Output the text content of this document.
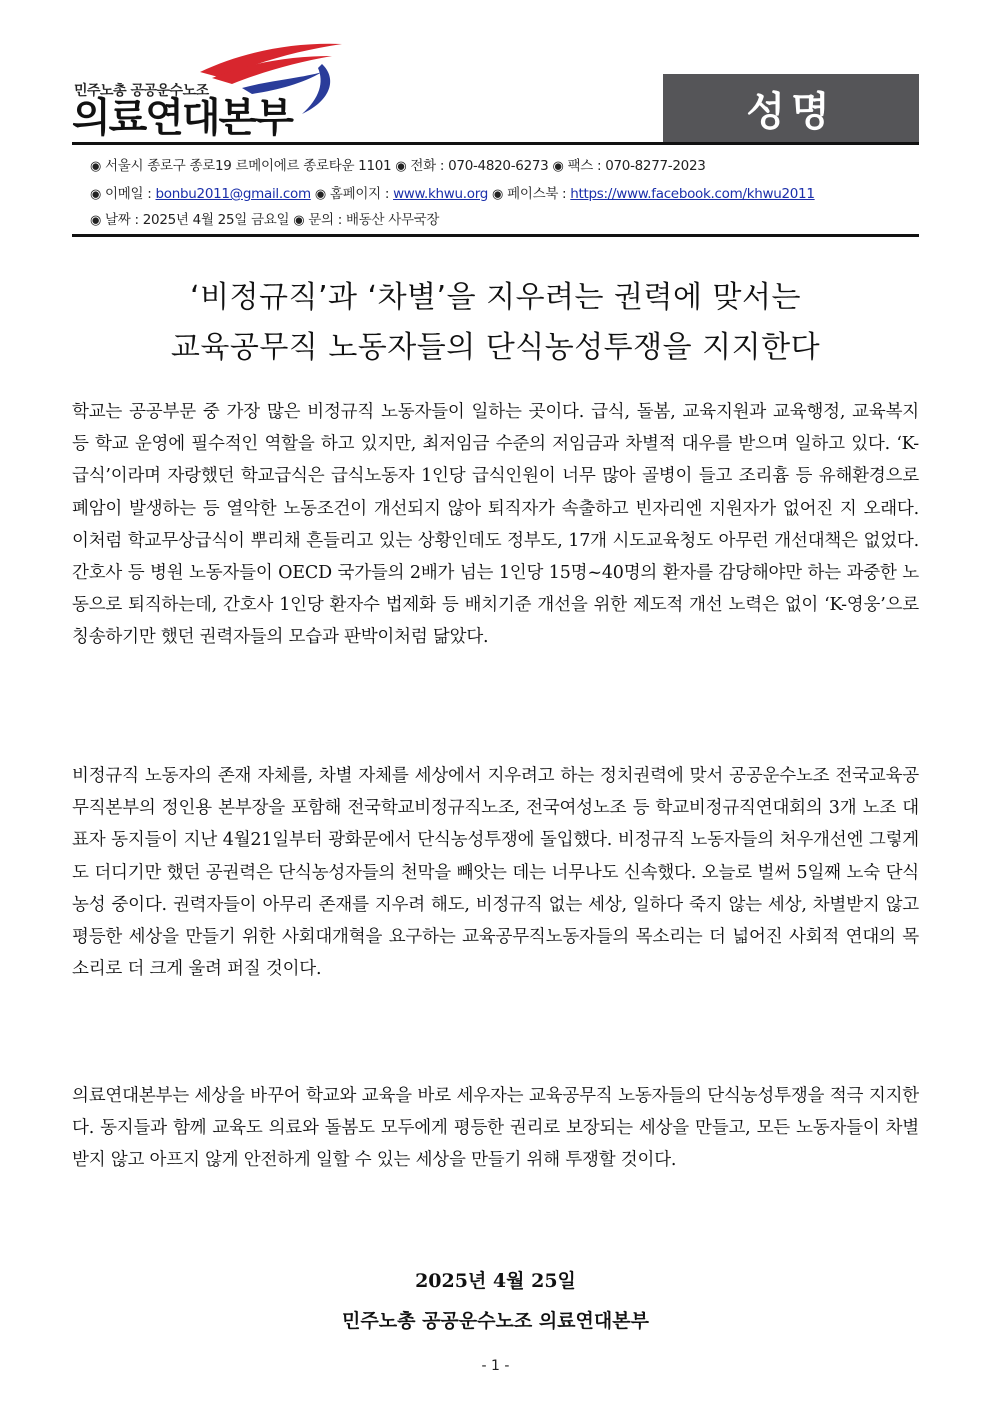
민주노총 공공운수노조
의료연대본부	성명
◉ 서울시 종로구 종로19 르메이에르 종로타운 1101 ◉ 전화 : 070-4820-6273 ◉ 팩스 : 070-8277-2023
◉ 이메일 : bonbu2011@gmail.com ◉ 홈페이지 : www.khwu.org ◉ 페이스북 : https://www.facebook.com/khwu2011
◉ 날짜 : 2025년 4월 25일 금요일 ◉ 문의 : 배동산 사무국장
‘비정규직’과 ‘차별’을 지우려는 권력에 맞서는
교육공무직 노동자들의 단식농성투쟁을 지지한다
학교는 공공부문 중 가장 많은 비정규직 노동자들이 일하는 곳이다. 급식, 돌봄, 교육지원과 교육행정, 교육복지 등 학교 운영에 필수적인 역할을 하고 있지만, 최저임금 수준의 저임금과 차별적 대우를 받으며 일하고 있다. ‘K-급식’이라며 자랑했던 학교급식은 급식노동자 1인당 급식인원이 너무 많아 골병이 들고 조리흄 등 유해환경으로 폐암이 발생하는 등 열악한 노동조건이 개선되지 않아 퇴직자가 속출하고 빈자리엔 지원자가 없어진 지 오래다. 이처럼 학교무상급식이 뿌리채 흔들리고 있는 상황인데도 정부도, 17개 시도교육청도 아무런 개선대책은 없었다. 간호사 등 병원 노동자들이 OECD 국가들의 2배가 넘는 1인당 15명~40명의 환자를 감당해야만 하는 과중한 노동으로 퇴직하는데, 간호사 1인당 환자수 법제화 등 배치기준 개선을 위한 제도적 개선 노력은 없이 ‘K-영웅’으로 칭송하기만 했던 권력자들의 모습과 판박이처럼 닮았다.
비정규직 노동자의 존재 자체를, 차별 자체를 세상에서 지우려고 하는 정치권력에 맞서 공공운수노조 전국교육공무직본부의 정인용 본부장을 포함해 전국학교비정규직노조, 전국여성노조 등 학교비정규직연대회의 3개 노조 대표자 동지들이 지난 4월21일부터 광화문에서 단식농성투쟁에 돌입했다. 비정규직 노동자들의 처우개선엔 그렇게도 더디기만 했던 공권력은 단식농성자들의 천막을 빼앗는 데는 너무나도 신속했다. 오늘로 벌써 5일째 노숙 단식농성 중이다. 권력자들이 아무리 존재를 지우려 해도, 비정규직 없는 세상, 일하다 죽지 않는 세상, 차별받지 않고 평등한 세상을 만들기 위한 사회대개혁을 요구하는 교육공무직노동자들의 목소리는 더 넓어진 사회적 연대의 목소리로 더 크게 울려 퍼질 것이다.
의료연대본부는 세상을 바꾸어 학교와 교육을 바로 세우자는 교육공무직 노동자들의 단식농성투쟁을 적극 지지한다. 동지들과 함께 교육도 의료와 돌봄도 모두에게 평등한 권리로 보장되는 세상을 만들고, 모든 노동자들이 차별받지 않고 아프지 않게 안전하게 일할 수 있는 세상을 만들기 위해 투쟁할 것이다.
2025년 4월 25일
민주노총 공공운수노조 의료연대본부
- 1 -
